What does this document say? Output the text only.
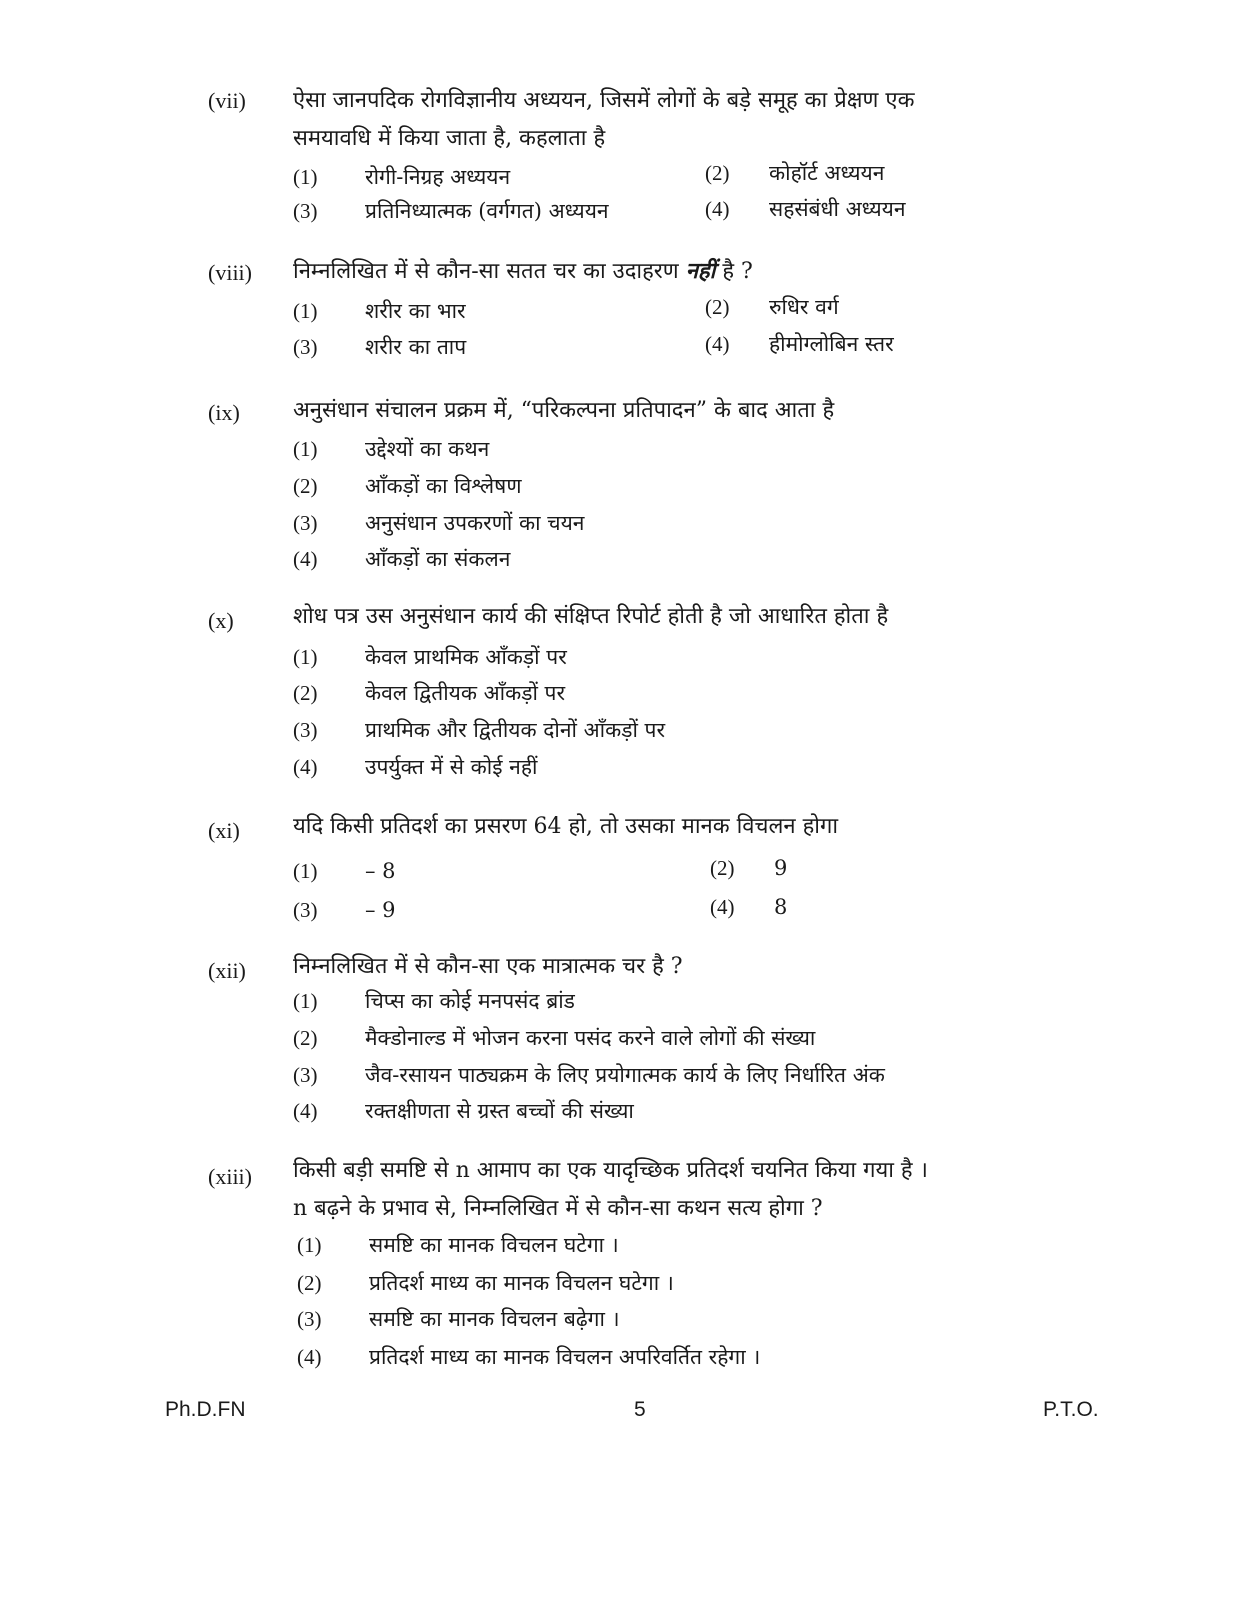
(vii) ऐसा जानपदिक रोगविज्ञानीय अध्ययन, जिसमें लोगों के बड़े समूह का प्रेक्षण एक
समयावधि में किया जाता है, कहलाता है
(1) रोगी-निग्रह अध्ययन	(2) कोहॉर्ट अध्ययन
(3) प्रतिनिध्यात्मक (वर्गगत) अध्ययन	(4) सहसंबंधी अध्ययन
(viii) निम्नलिखित में से कौन-सा सतत चर का उदाहरण नहीं है ?
(1) शरीर का भार	(2) रुधिर वर्ग
(3) शरीर का ताप	(4) हीमोग्लोबिन स्तर
(ix) अनुसंधान संचालन प्रक्रम में, “परिकल्पना प्रतिपादन” के बाद आता है
(1) उद्देश्यों का कथन
(2) आँकड़ों का विश्लेषण
(3) अनुसंधान उपकरणों का चयन
(4) आँकड़ों का संकलन
(x)	शोध पत्र उस अनुसंधान कार्य की संक्षिप्त रिपोर्ट होती है जो आधारित होता है
(1) केवल प्राथमिक आँकड़ों पर
(2) केवल द्वितीयक आँकड़ों पर
(3) प्राथमिक और द्वितीयक दोनों आँकड़ों पर
(4) उपर्युक्त में से कोई नहीं
(xi) यदि किसी प्रतिदर्श का प्रसरण 64 हो, तो उसका मानक विचलन होगा
(1) – 8	(2) 9
(3) – 9	(4) 8
(xii) निम्नलिखित में से कौन-सा एक मात्रात्मक चर है ?
(1) चिप्स का कोई मनपसंद ब्रांड
(2) मैक्डोनाल्ड में भोजन करना पसंद करने वाले लोगों की संख्या
(3) जैव-रसायन पाठ्यक्रम के लिए प्रयोगात्मक कार्य के लिए निर्धारित अंक
(4) रक्तक्षीणता से ग्रस्त बच्चों की संख्या
(xiii) किसी बड़ी समष्टि से n आमाप का एक यादृच्छिक प्रतिदर्श चयनित किया गया है ।
n बढ़ने के प्रभाव से, निम्नलिखित में से कौन-सा कथन सत्य होगा ?
(1) समष्टि का मानक विचलन घटेगा ।
(2) प्रतिदर्श माध्य का मानक विचलन घटेगा ।
(3) समष्टि का मानक विचलन बढ़ेगा ।
(4) प्रतिदर्श माध्य का मानक विचलन अपरिवर्तित रहेगा ।
Ph.D.FN	5	P.T.O.
